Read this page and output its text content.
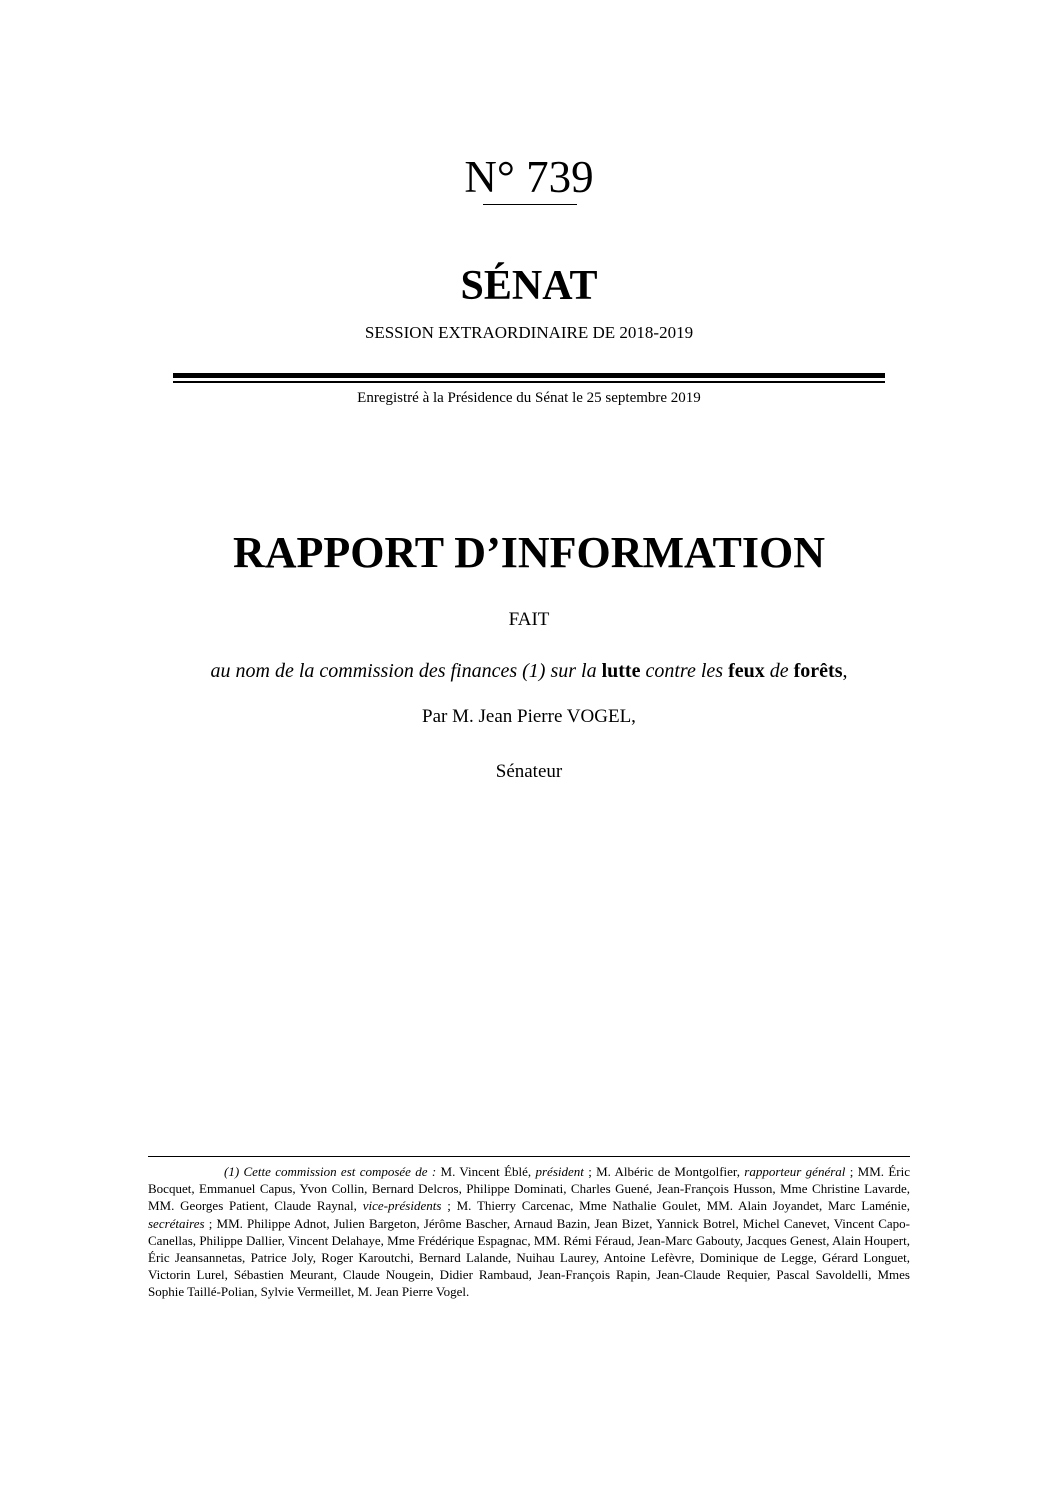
N° 739
SÉNAT
SESSION EXTRAORDINAIRE DE 2018-2019
Enregistré à la Présidence du Sénat le 25 septembre 2019
RAPPORT D’INFORMATION
FAIT
au nom de la commission des finances (1) sur la lutte contre les feux de forêts,
Par M. Jean Pierre VOGEL,
Sénateur
(1) Cette commission est composée de : M. Vincent Éblé, président ; M. Albéric de Montgolfier, rapporteur général ; MM. Éric Bocquet, Emmanuel Capus, Yvon Collin, Bernard Delcros, Philippe Dominati, Charles Guené, Jean-François Husson, Mme Christine Lavarde, MM. Georges Patient, Claude Raynal, vice-présidents ; M. Thierry Carcenac, Mme Nathalie Goulet, MM. Alain Joyandet, Marc Laménie, secrétaires ; MM. Philippe Adnot, Julien Bargeton, Jérôme Bascher, Arnaud Bazin, Jean Bizet, Yannick Botrel, Michel Canevet, Vincent Capo-Canellas, Philippe Dallier, Vincent Delahaye, Mme Frédérique Espagnac, MM. Rémi Féraud, Jean-Marc Gabouty, Jacques Genest, Alain Houpert, Éric Jeansannetas, Patrice Joly, Roger Karoutchi, Bernard Lalande, Nuihau Laurey, Antoine Lefèvre, Dominique de Legge, Gérard Longuet, Victorin Lurel, Sébastien Meurant, Claude Nougein, Didier Rambaud, Jean-François Rapin, Jean-Claude Requier, Pascal Savoldelli, Mmes Sophie Taillé-Polian, Sylvie Vermeillet, M. Jean Pierre Vogel.
